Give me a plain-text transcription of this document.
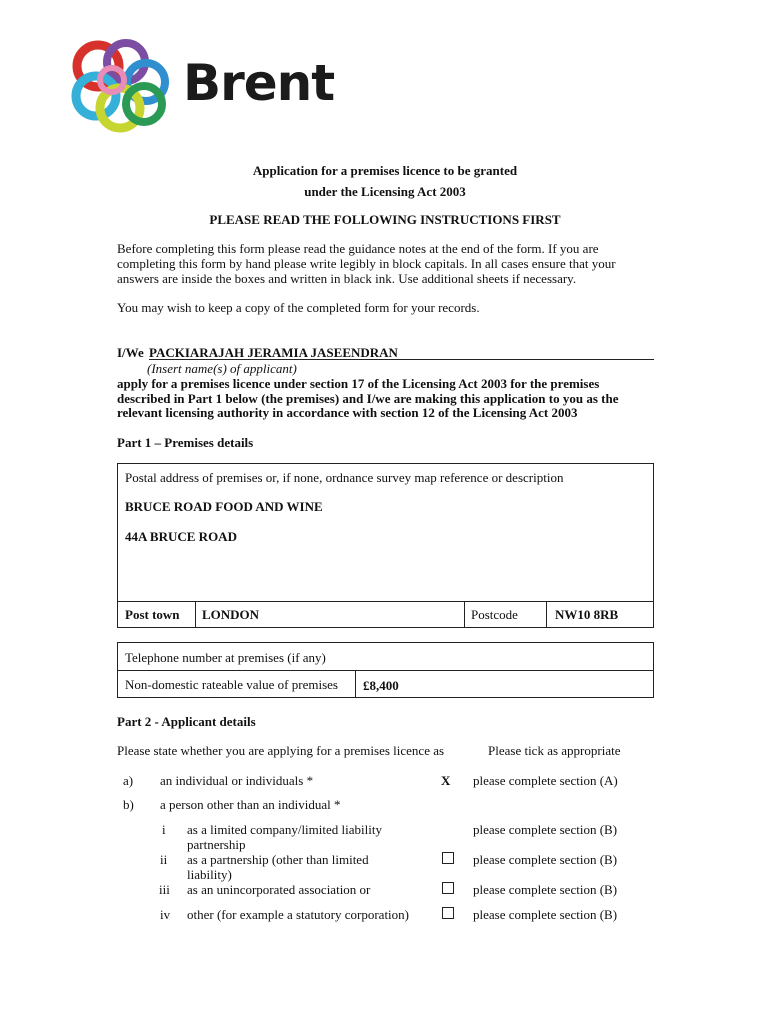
Brent
Application for a premises licence to be granted
under the Licensing Act 2003
PLEASE READ THE FOLLOWING INSTRUCTIONS FIRST
Before completing this form please read the guidance notes at the end of the form. If you are
completing this form by hand please write legibly in block capitals. In all cases ensure that your
answers are inside the boxes and written in black ink. Use additional sheets if necessary.
You may wish to keep a copy of the completed form for your records.
I/We PACKIARAJAH JERAMIA JASEENDRAN
(Insert name(s) of applicant)
apply for a premises licence under section 17 of the Licensing Act 2003 for the premises
described in Part 1 below (the premises) and I/we are making this application to you as the
relevant licensing authority in accordance with section 12 of the Licensing Act 2003
Part 1 – Premises details
Postal address of premises or, if none, ordnance survey map reference or description
BRUCE ROAD FOOD AND WINE
44A BRUCE ROAD
Post town LONDON	Postcode	NW10 8RB
Telephone number at premises (if any)
Non-domestic rateable value of premises £8,400
Part 2 - Applicant details
Please state whether you are applying for a premises licence as	Please tick as appropriate
a) an individual or individuals *	X please complete section (A)
b) a person other than an individual *
i as a limited company/limited liability
partnership
please complete section (B)
ii as a partnership (other than limited
liability)
please complete section (B)
iii as an unincorporated association or	please complete section (B)
iv other (for example a statutory corporation)	please complete section (B)
